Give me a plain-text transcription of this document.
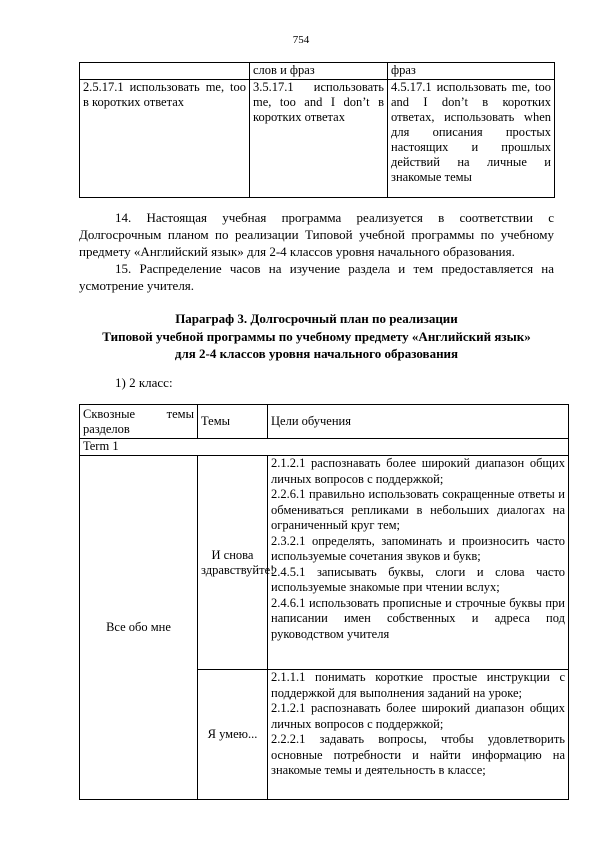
754
	слов и фраз	фраз
2.5.17.1 использовать me, too в коротких ответах	3.5.17.1 использовать me, too and I don’t в коротких ответах	4.5.17.1 использовать me, too and I don’t в коротких ответах, использовать when для описания простых настоящих и прошлых действий на личные и знакомые темы
14. Настоящая учебная программа реализуется в соответствии с Долгосрочным планом по реализации Типовой учебной программы по учебному предмету «Английский язык» для 2-4 классов уровня начального образования.
15. Распределение часов на изучение раздела и тем предоставляется на усмотрение учителя.
Параграф 3. Долгосрочный план по реализации
Типовой учебной программы по учебному предмету «Английский язык»
для 2-4 классов уровня начального образования
1) 2 класс:
Сквозные темы разделов	Темы	Цели обучения
Term 1		
Все обо мне	И снова здравствуйте!	2.1.2.1 распознавать более широкий диапазон общих личных вопросов с поддержкой;
2.2.6.1 правильно использовать сокращенные ответы и обмениваться репликами в небольших диалогах на ограниченный круг тем;
2.3.2.1 определять, запоминать и произносить часто используемые сочетания звуков и букв;
2.4.5.1 записывать буквы, слоги и слова часто используемые знакомые при чтении вслух;
2.4.6.1 использовать прописные и строчные буквы при написании имен собственных и адреса под руководством учителя

	Я умею...	2.1.1.1 понимать короткие простые инструкции с поддержкой для выполнения заданий на уроке;
2.1.2.1 распознавать более широкий диапазон общих личных вопросов с поддержкой;
2.2.2.1 задавать вопросы, чтобы удовлетворить основные потребности и найти информацию на знакомые темы и деятельность в классе;
